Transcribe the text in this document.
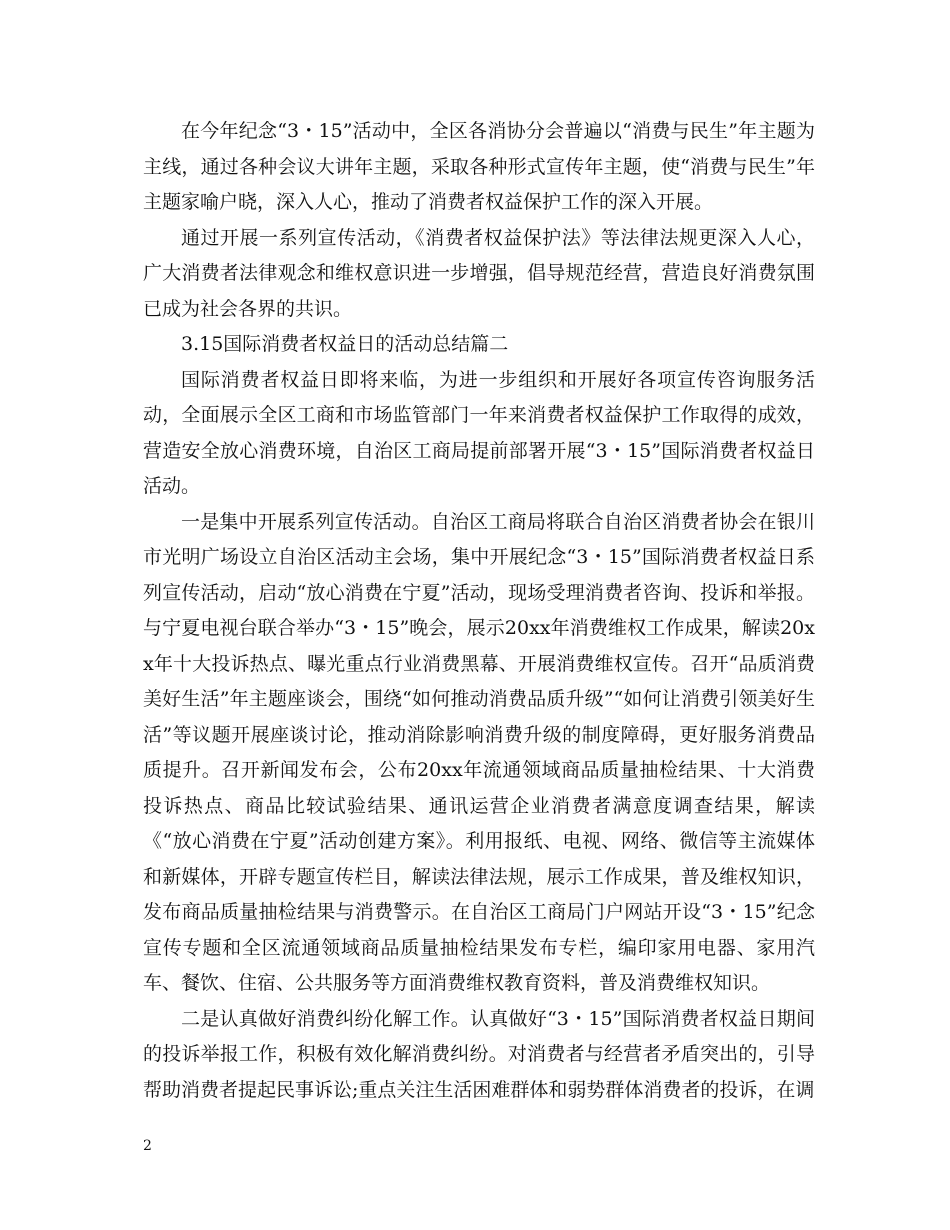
在今年纪念“3・15”活动中，全区各消协分会普遍以“消费与民生”年主题为主线，通过各种会议大讲年主题，采取各种形式宣传年主题，使“消费与民生”年主题家喻户晓，深入人心，推动了消费者权益保护工作的深入开展。

通过开展一系列宣传活动，《消费者权益保护法》等法律法规更深入人心，广大消费者法律观念和维权意识进一步增强，倡导规范经营，营造良好消费氛围已成为社会各界的共识。

3.15国际消费者权益日的活动总结篇二

国际消费者权益日即将来临，为进一步组织和开展好各项宣传咨询服务活动，全面展示全区工商和市场监管部门一年来消费者权益保护工作取得的成效，营造安全放心消费环境，自治区工商局提前部署开展“3・15”国际消费者权益日活动。

一是集中开展系列宣传活动。自治区工商局将联合自治区消费者协会在银川市光明广场设立自治区活动主会场，集中开展纪念“3・15”国际消费者权益日系列宣传活动，启动“放心消费在宁夏”活动，现场受理消费者咨询、投诉和举报。与宁夏电视台联合举办“3・15”晚会，展示20xx年消费维权工作成果，解读20xx年十大投诉热点、曝光重点行业消费黑幕、开展消费维权宣传。召开“品质消费美好生活”年主题座谈会，围绕“如何推动消费品质升级”“如何让消费引领美好生活”等议题开展座谈讨论，推动消除影响消费升级的制度障碍，更好服务消费品质提升。召开新闻发布会，公布20xx年流通领域商品质量抽检结果、十大消费投诉热点、商品比较试验结果、通讯运营企业消费者满意度调查结果，解读《“放心消费在宁夏”活动创建方案》。利用报纸、电视、网络、微信等主流媒体和新媒体，开辟专题宣传栏目，解读法律法规，展示工作成果，普及维权知识，发布商品质量抽检结果与消费警示。在自治区工商局门户网站开设“3・15”纪念宣传专题和全区流通领域商品质量抽检结果发布专栏，编印家用电器、家用汽车、餐饮、住宿、公共服务等方面消费维权教育资料，普及消费维权知识。

二是认真做好消费纠纷化解工作。认真做好“3・15”国际消费者权益日期间的投诉举报工作，积极有效化解消费纠纷。对消费者与经营者矛盾突出的，引导帮助消费者提起民事诉讼;重点关注生活困难群体和弱势群体消费者的投诉，在调

2
